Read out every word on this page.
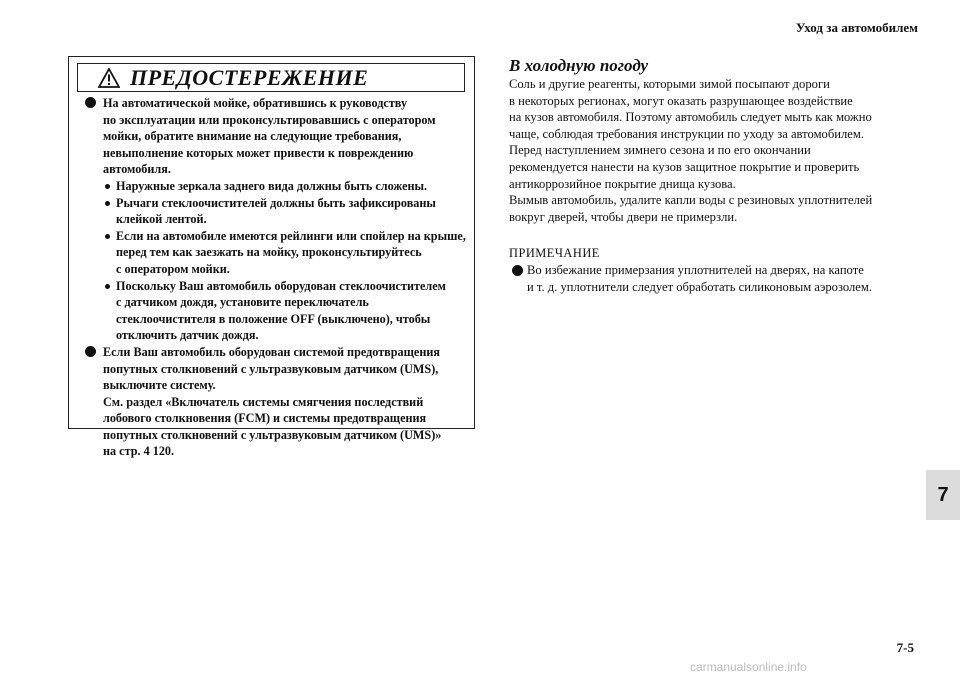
Уход за автомобилем
ПРЕДОСТЕРЕЖЕНИЕ
На автоматической мойке, обратившись к руководству
по эксплуатации или проконсультировавшись с оператором
мойки, обратите внимание на следующие требования,
невыполнение которых может привести к повреждению
автомобиля.
Наружные зеркала заднего вида должны быть сложены.
Рычаги стеклоочистителей должны быть зафиксированы
клейкой лентой.
Если на автомобиле имеются рейлинги или спойлер на крыше,
перед тем как заезжать на мойку, проконсультируйтесь
с оператором мойки.
Поскольку Ваш автомобиль оборудован стеклоочистителем
с датчиком дождя, установите переключатель
стеклоочистителя в положение OFF (выключено), чтобы
отключить датчик дождя.
Если Ваш автомобиль оборудован системой предотвращения
попутных столкновений с ультразвуковым датчиком (UMS),
выключите систему.
См. раздел «Включатель системы смягчения последствий
лобового столкновения (FCM) и системы предотвращения
попутных столкновений с ультразвуковым датчиком (UMS)»
на стр. 4 120.
В холодную погоду
Соль и другие реагенты, которыми зимой посыпают дороги
в некоторых регионах, могут оказать разрушающее воздействие
на кузов автомобиля. Поэтому автомобиль следует мыть как можно
чаще, соблюдая требования инструкции по уходу за автомобилем.
Перед наступлением зимнего сезона и по его окончании
рекомендуется нанести на кузов защитное покрытие и проверить
антикоррозийное покрытие днища кузова.
Вымыв автомобиль, удалите капли воды с резиновых уплотнителей
вокруг дверей, чтобы двери не примерзли.
ПРИМЕЧАНИЕ
Во избежание примерзания уплотнителей на дверях, на капоте
и т. д. уплотнители следует обработать силиконовым аэрозолем.
7
7-5
carmanualsonline.info
